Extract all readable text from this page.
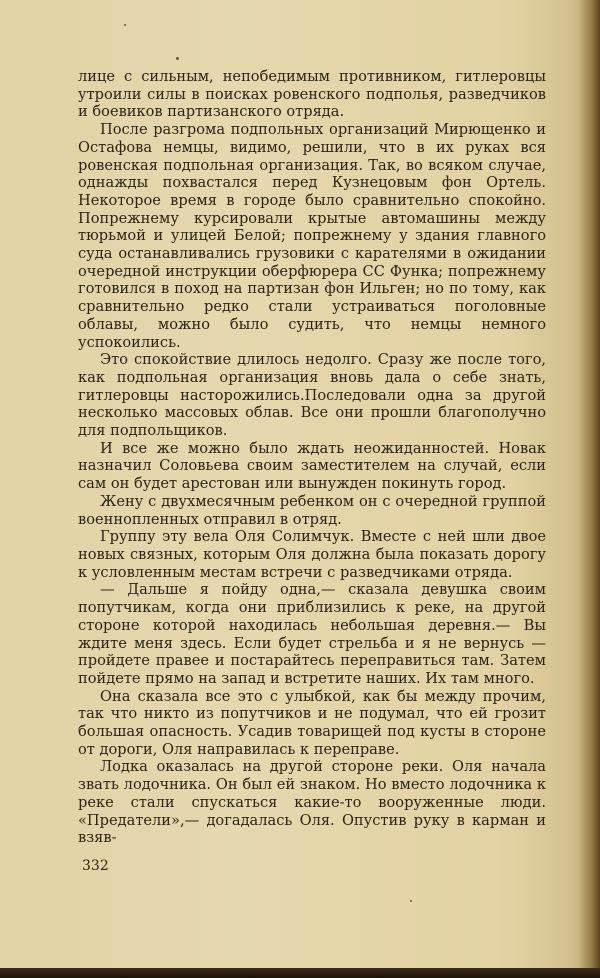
лице с сильным, непобедимым противником, гитлеровцы утроили силы в поисках ровенского подполья, разведчиков и боевиков партизанского отряда.

После разгрома подпольных организаций Мирющенко и Остафова немцы, видимо, решили, что в их руках вся ровенская подпольная организация. Так, во всяком случае, однажды похвастался перед Кузнецовым фон Ортель. Некоторое время в городе было сравнительно спокойно. Попрежнему курсировали крытые автомашины между тюрьмой и улицей Белой; попрежнему у здания главного суда останавливались грузовики с карателями в ожидании очередной инструкции оберфюрера СС Функа; попрежнему готовился в поход на партизан фон Ильген; но по тому, как сравнительно редко стали устраиваться поголовные облавы, можно было судить, что немцы немного успокоились.

Это спокойствие длилось недолго. Сразу же после того, как подпольная организация вновь дала о себе знать, гитлеровцы насторожились.Последовали одна за другой несколько массовых облав. Все они прошли благополучно для подпольщиков.

И все же можно было ждать неожиданностей. Новак назначил Соловьева своим заместителем на случай, если сам он будет арестован или вынужден покинуть город.

Жену с двухмесячным ребенком он с очередной группой военнопленных отправил в отряд.

Группу эту вела Оля Солимчук. Вместе с ней шли двое новых связных, которым Оля должна была показать дорогу к условленным местам встречи с разведчиками отряда.

— Дальше я пойду одна,— сказала девушка своим попутчикам, когда они приблизились к реке, на другой стороне которой находилась небольшая деревня.— Вы ждите меня здесь. Если будет стрельба и я не вернусь — пройдете правее и постарайтесь переправиться там. Затем пойдете прямо на запад и встретите наших. Их там много.

Она сказала все это с улыбкой, как бы между прочим, так что никто из попутчиков и не подумал, что ей грозит большая опасность. Усадив товарищей под кусты в стороне от дороги, Оля направилась к переправе.

Лодка оказалась на другой стороне реки. Оля начала звать лодочника. Он был ей знаком. Но вместо лодочника к реке стали спускаться какие-то вооруженные люди. «Предатели»,— догадалась Оля. Опустив руку в карман и взяв-

332
